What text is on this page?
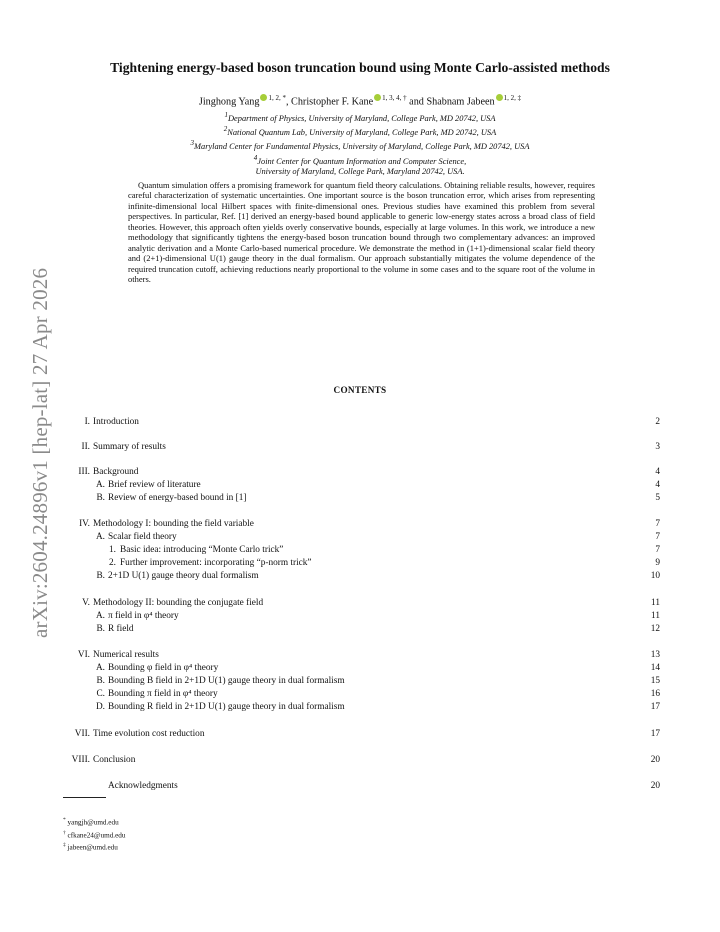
arXiv:2604.24896v1 [hep-lat] 27 Apr 2026
Tightening energy-based boson truncation bound using Monte Carlo-assisted methods
Jinghong Yang $^{1, 2, *}$, Christopher F. Kane $^{1, 3, 4, \dagger}$ and Shabnam Jabeen $^{1, 2, \ddagger}$
$^1$Department of Physics, University of Maryland, College Park, MD 20742, USA
$^2$National Quantum Lab, University of Maryland, College Park, MD 20742, USA
$^3$Maryland Center for Fundamental Physics, University of Maryland, College Park, MD 20742, USA
$^4$Joint Center for Quantum Information and Computer Science,
University of Maryland, College Park, Maryland 20742, USA.

Quantum simulation offers a promising framework for quantum field theory calculations. Obtaining reliable results, however, requires careful characterization of systematic uncertainties. One important source is the boson truncation error, which arises from representing infinite-dimensional local Hilbert spaces with finite-dimensional ones. Previous studies have examined this problem from several perspectives. In particular, Ref. [1] derived an energy-based bound applicable to generic low-energy states across a broad class of field theories. However, this approach often yields overly conservative bounds, especially at large volumes. In this work, we introduce a new methodology that significantly tightens the energy-based boson truncation bound through two complementary advances: an improved analytic derivation and a Monte Carlo-based numerical procedure. We demonstrate the method in (1+1)-dimensional scalar field theory and (2+1)-dimensional U(1) gauge theory in the dual formalism. Our approach substantially mitigates the volume dependence of the required truncation cutoff, achieving reductions nearly proportional to the volume in some cases and to the square root of the volume in others.

CONTENTS
I. Introduction	2
II. Summary of results	3
III. Background	4
A. Brief review of literature	4
B. Review of energy-based bound in [1]	5
IV. Methodology I: bounding the field variable	7
A. Scalar field theory	7
1. Basic idea: introducing “Monte Carlo trick”	7
2. Further improvement: incorporating “p-norm trick”	9
B. 2+1D U(1) gauge theory dual formalism	10
V. Methodology II: bounding the conjugate field	11
A. π field in φ⁴ theory	11
B. R field	12
VI. Numerical results	13
A. Bounding φ field in φ⁴ theory	14
B. Bounding B field in 2+1D U(1) gauge theory in dual formalism	15
C. Bounding π field in φ⁴ theory	16
D. Bounding R field in 2+1D U(1) gauge theory in dual formalism	17
VII. Time evolution cost reduction	17
VIII. Conclusion	20
Acknowledgments	20
* yangjh@umd.edu
† cfkane24@umd.edu
‡ jabeen@umd.edu
